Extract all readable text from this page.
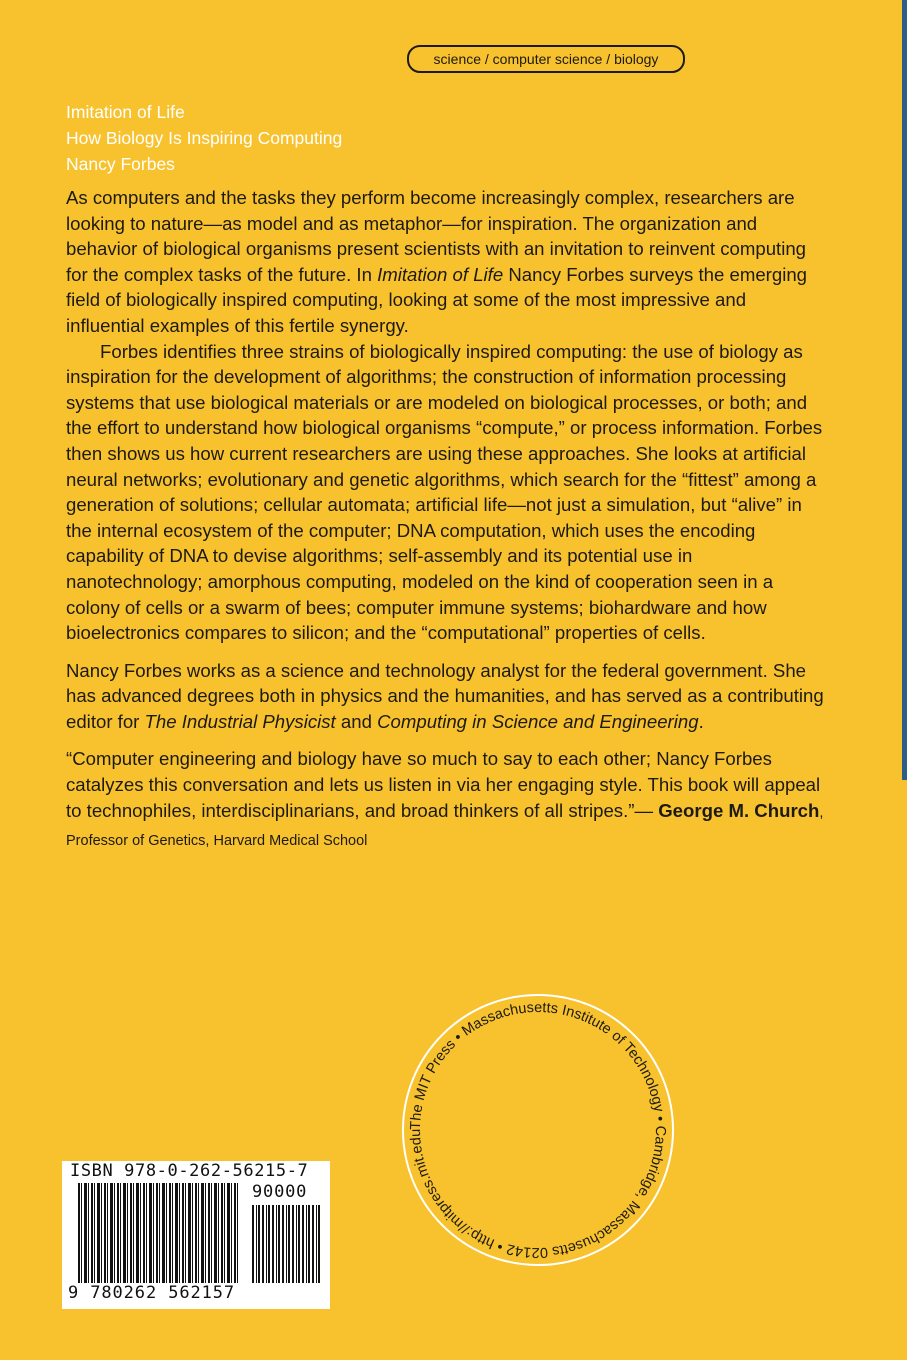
science / computer science / biology
Imitation of Life
How Biology Is Inspiring Computing
Nancy Forbes

As computers and the tasks they perform become increasingly complex, researchers are looking to nature—as model and as metaphor—for inspiration. The organization and behavior of biological organisms present scientists with an invitation to reinvent computing for the complex tasks of the future. In Imitation of Life Nancy Forbes surveys the emerging field of biologically inspired computing, looking at some of the most impressive and influential examples of this fertile synergy.

Forbes identifies three strains of biologically inspired computing: the use of biology as inspiration for the development of algorithms; the construction of information processing systems that use biological materials or are modeled on biological processes, or both; and the effort to understand how biological organisms “compute,” or process information. Forbes then shows us how current researchers are using these approaches. She looks at artificial neural networks; evolutionary and genetic algorithms, which search for the “fittest” among a generation of solutions; cellular automata; artificial life—not just a simulation, but “alive” in the internal ecosystem of the computer; DNA computation, which uses the encoding capability of DNA to devise algorithms; self-assembly and its potential use in nanotechnology; amorphous computing, modeled on the kind of cooperation seen in a colony of cells or a swarm of bees; computer immune systems; biohardware and how bioelectronics compares to silicon; and the “computational” properties of cells.

Nancy Forbes works as a science and technology analyst for the federal government. She has advanced degrees both in physics and the humanities, and has served as a contributing editor for The Industrial Physicist and Computing in Science and Engineering.

“Computer engineering and biology have so much to say to each other; Nancy Forbes catalyzes this conversation and lets us listen in via her engaging style. This book will appeal to technophiles, interdisciplinarians, and broad thinkers of all stripes.”— George M. Church, Professor of Genetics, Harvard Medical School

The MIT Press • Massachusetts Institute of Technology • Cambridge, Massachusetts 02142 • http://mitpress.mit.edu
ISBN 978-0-262-56215-7
90000
9 780262 562157
